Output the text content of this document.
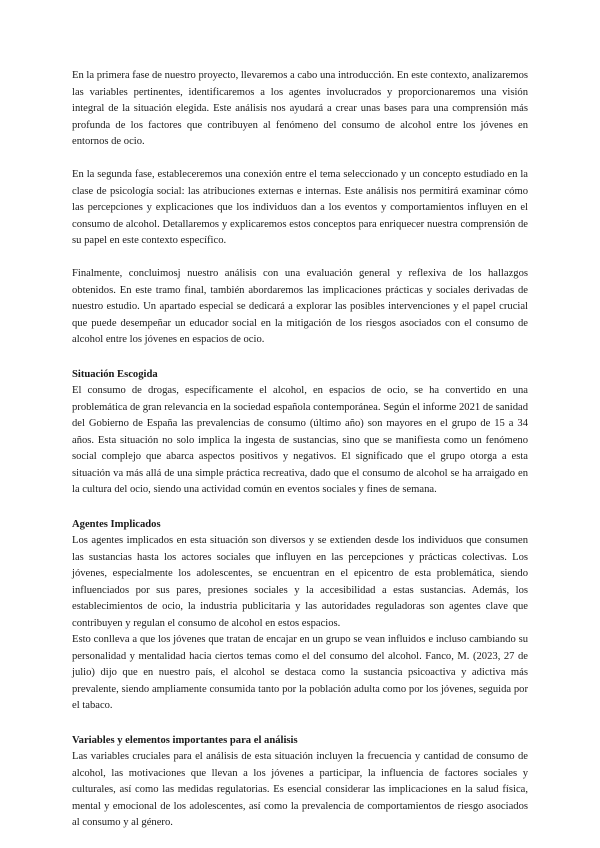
En la primera fase de nuestro proyecto, llevaremos a cabo una introducción. En este contexto, analizaremos las variables pertinentes, identificaremos a los agentes involucrados y proporcionaremos una visión integral de la situación elegida. Este análisis nos ayudará a crear unas bases para una comprensión más profunda de los factores que contribuyen al fenómeno del consumo de alcohol entre los jóvenes en entornos de ocio.

En la segunda fase, estableceremos una conexión entre el tema seleccionado y un concepto estudiado en la clase de psicología social: las atribuciones externas e internas. Este análisis nos permitirá examinar cómo las percepciones y explicaciones que los individuos dan a los eventos y comportamientos influyen en el consumo de alcohol. Detallaremos y explicaremos estos conceptos para enriquecer nuestra comprensión de su papel en este contexto específico.

Finalmente, concluimosj nuestro análisis con una evaluación general y reflexiva de los hallazgos obtenidos. En este tramo final, también abordaremos las implicaciones prácticas y sociales derivadas de nuestro estudio. Un apartado especial se dedicará a explorar las posibles intervenciones y el papel crucial que puede desempeñar un educador social en la mitigación de los riesgos asociados con el consumo de alcohol entre los jóvenes en espacios de ocio.

Situación Escogida

El consumo de drogas, específicamente el alcohol, en espacios de ocio, se ha convertido en una problemática de gran relevancia en la sociedad española contemporánea. Según el informe 2021 de sanidad del Gobierno de España las prevalencias de consumo (último año) son mayores en el grupo de 15 a 34 años. Esta situación no solo implica la ingesta de sustancias, sino que se manifiesta como un fenómeno social complejo que abarca aspectos positivos y negativos. El significado que el grupo otorga a esta situación va más allá de una simple práctica recreativa, dado que el consumo de alcohol se ha arraigado en la cultura del ocio, siendo una actividad común en eventos sociales y fines de semana.

Agentes Implicados

Los agentes implicados en esta situación son diversos y se extienden desde los individuos que consumen las sustancias hasta los actores sociales que influyen en las percepciones y prácticas colectivas. Los jóvenes, especialmente los adolescentes, se encuentran en el epicentro de esta problemática, siendo influenciados por sus pares, presiones sociales y la accesibilidad a estas sustancias. Además, los establecimientos de ocio, la industria publicitaria y las autoridades reguladoras son agentes clave que contribuyen y regulan el consumo de alcohol en estos espacios.

Esto conlleva a que los jóvenes que tratan de encajar en un grupo se vean influidos e incluso cambiando su personalidad y mentalidad hacia ciertos temas como el del consumo del alcohol. Fanco, M. (2023, 27 de julio) dijo que en nuestro país, el alcohol se destaca como la sustancia psicoactiva y adictiva más prevalente, siendo ampliamente consumida tanto por la población adulta como por los jóvenes, seguida por el tabaco.

Variables y elementos importantes para el análisis

Las variables cruciales para el análisis de esta situación incluyen la frecuencia y cantidad de consumo de alcohol, las motivaciones que llevan a los jóvenes a participar, la influencia de factores sociales y culturales, así como las medidas regulatorias. Es esencial considerar las implicaciones en la salud física, mental y emocional de los adolescentes, así como la prevalencia de comportamientos de riesgo asociados al consumo y al género.
